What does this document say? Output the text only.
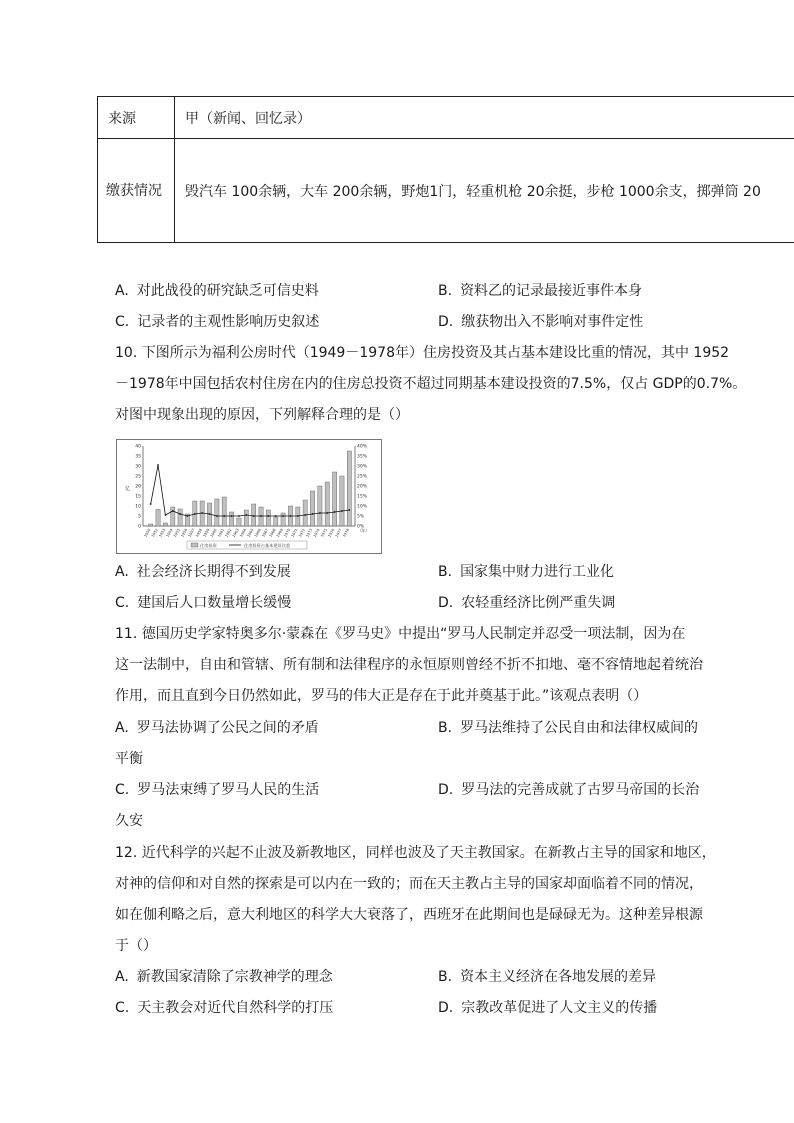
来源	甲（新闻、回忆录）
缴获情况	毁汽车 100余辆，大车 200余辆，野炮1门，轻重机枪 20余挺，步枪 1000余支，掷弹筒 20
A. 对此战役的研究缺乏可信史料	B. 资料乙的记录最接近事件本身
C. 记录者的主观性影响历史叙述	D. 缴获物出入不影响对事件定性
10. 下图所示为福利公房时代（1949－1978年）住房投资及其占基本建设比重的情况，其中 1952
－1978年中国包括农村住房在内的住房总投资不超过同期基本建设投资的7.5%，仅占 GDP的0.7%。
对图中现象出现的原因，下列解释合理的是（）
0
5
10
15
20
25
30
35
40
0%
5%
10%
15%
20%
25%
30%
35%
40%
亿
1950 1952 1953 1954 1955 1956 1957 1958 1959 1960 1961 1962 1963 1964 1965 1966 1967 1968 1969 1970 1971 1972 1973 1974 1975 1976 1977 1978 （年）
住房投资	住房投资占基本建设比重
A. 社会经济长期得不到发展	B. 国家集中财力进行工业化
C. 建国后人口数量增长缓慢	D. 农轻重经济比例严重失调
11. 德国历史学家特奥多尔·蒙森在《罗马史》中提出“罗马人民制定并忍受一项法制，因为在
这一法制中，自由和管辖、所有制和法律程序的永恒原则曾经不折不扣地、毫不容情地起着统治
作用，而且直到今日仍然如此，罗马的伟大正是存在于此并奠基于此。”该观点表明（）
A. 罗马法协调了公民之间的矛盾	B. 罗马法维持了公民自由和法律权威间的
平衡
C. 罗马法束缚了罗马人民的生活	D. 罗马法的完善成就了古罗马帝国的长治
久安
12. 近代科学的兴起不止波及新教地区，同样也波及了天主教国家。在新教占主导的国家和地区，
对神的信仰和对自然的探索是可以内在一致的；而在天主教占主导的国家却面临着不同的情况，
如在伽利略之后，意大利地区的科学大大衰落了，西班牙在此期间也是碌碌无为。这种差异根源
于（）
A. 新教国家清除了宗教神学的理念	B. 资本主义经济在各地发展的差异
C. 天主教会对近代自然科学的打压	D. 宗教改革促进了人文主义的传播
